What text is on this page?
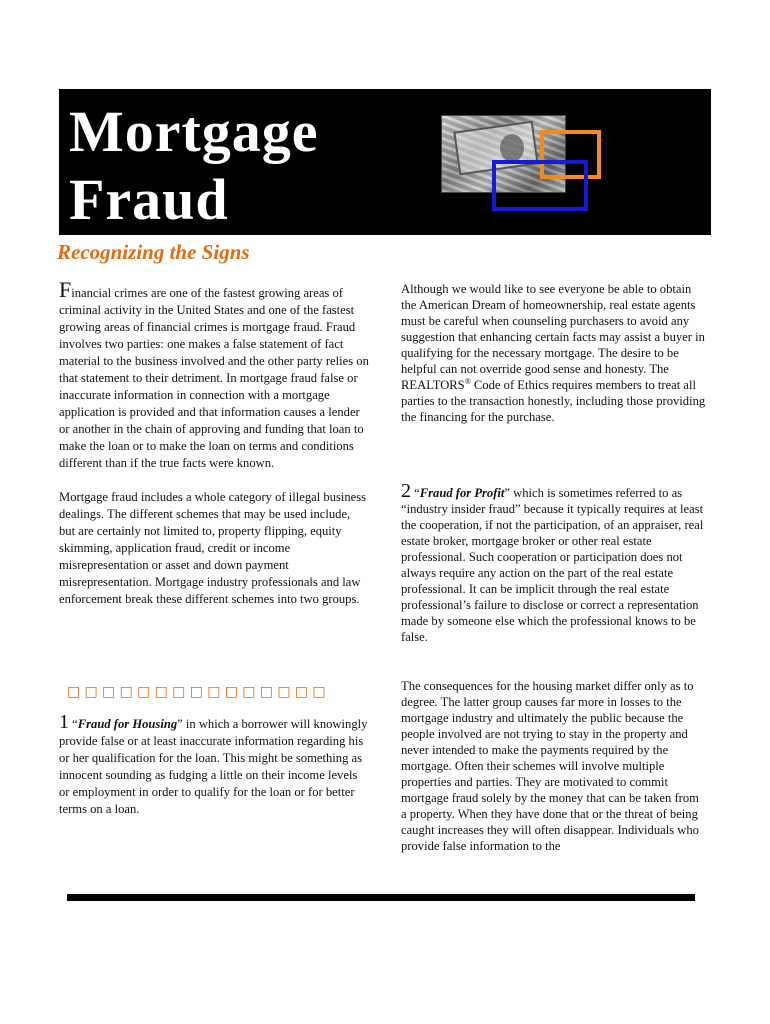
Mortgage
Fraud
Recognizing the Signs

Financial crimes are one of the fastest growing areas of criminal activity in the United States and one of the fastest growing areas of financial crimes is mortgage fraud. Fraud involves two parties: one makes a false statement of fact material to the business involved and the other party relies on that statement to their detriment. In mortgage fraud false or inaccurate information in connection with a mortgage application is provided and that information causes a lender or another in the chain of approving and funding that loan to make the loan or to make the loan on terms and conditions different than if the true facts were known.

Mortgage fraud includes a whole category of illegal business dealings. The different schemes that may be used include, but are certainly not limited to, property flipping, equity skimming, application fraud, credit or income misrepresentation or asset and down payment misrepresentation. Mortgage industry professionals and law enforcement break these different schemes into two groups.

□□□□□□□□□□□□□□□

1 “Fraud for Housing” in which a borrower will knowingly provide false or at least inaccurate information regarding his or her qualification for the loan. This might be something as innocent sounding as fudging a little on their income levels or employment in order to qualify for the loan or for better terms on a loan.

Although we would like to see everyone be able to obtain the American Dream of homeownership, real estate agents must be careful when counseling purchasers to avoid any suggestion that enhancing certain facts may assist a buyer in qualifying for the necessary mortgage. The desire to be helpful can not override good sense and honesty. The REALTORS® Code of Ethics requires members to treat all parties to the transaction honestly, including those providing the financing for the purchase.

2 “Fraud for Profit” which is sometimes referred to as “industry insider fraud” because it typically requires at least the cooperation, if not the participation, of an appraiser, real estate broker, mortgage broker or other real estate professional. Such cooperation or participation does not always require any action on the part of the real estate professional. It can be implicit through the real estate professional’s failure to disclose or correct a representation made by someone else which the professional knows to be false.

The consequences for the housing market differ only as to degree. The latter group causes far more in losses to the mortgage industry and ultimately the public because the people involved are not trying to stay in the property and never intended to make the payments required by the mortgage. Often their schemes will involve multiple properties and parties. They are motivated to commit mortgage fraud solely by the money that can be taken from a property. When they have done that or the threat of being caught increases they will often disappear. Individuals who provide false information to the
